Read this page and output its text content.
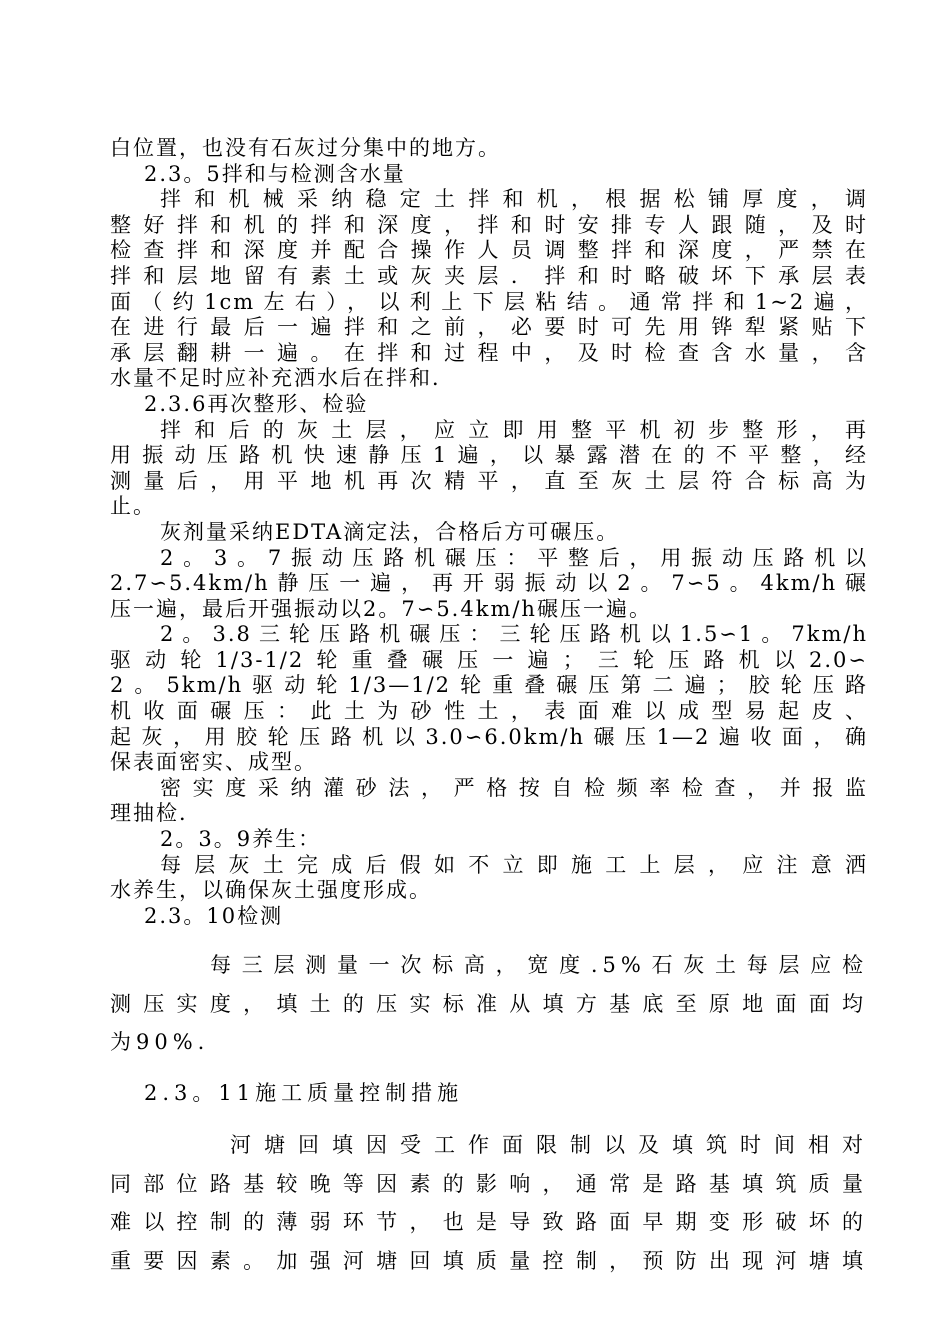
白位置，也没有石灰过分集中的地方。
2.3。5拌和与检测含水量
拌和机械采纳稳定土拌和机，根据松铺厚度，调
整好拌和机的拌和深度，拌和时安排专人跟随，及时
检查拌和深度并配合操作人员调整拌和深度，严禁在
拌和层地留有素土或灰夹层．拌和时略破坏下承层表
面（约1cm左右），以利上下层粘结。通常拌和1~2遍，
在进行最后一遍拌和之前，必要时可先用铧犁紧贴下
承层翻耕一遍。在拌和过程中，及时检查含水量，含
水量不足时应补充洒水后在拌和．
2.3.6再次整形、检验
拌和后的灰土层，应立即用整平机初步整形，再
用振动压路机快速静压1遍，以暴露潜在的不平整，经
测量后，用平地机再次精平，直至灰土层符合标高为
止。
灰剂量采纳EDTA滴定法，合格后方可碾压。
2。3。7振动压路机碾压：平整后，用振动压路机以
2.7∽5.4km/h静压一遍，再开弱振动以2。7∽5。4km/h碾
压一遍，最后开强振动以2。7∽5.4km/h碾压一遍。
2。3.8三轮压路机碾压：三轮压路机以1.5∽1。7km/h
驱动轮1/3-1/2轮重叠碾压一遍；三轮压路机以2.0∽
2。5km/h驱动轮1/3—1/2轮重叠碾压第二遍；胶轮压路
机收面碾压：此土为砂性土，表面难以成型易起皮、
起灰，用胶轮压路机以3.0∽6.0km/h碾压1—2遍收面，确
保表面密实、成型。
密实度采纳灌砂法，严格按自检频率检查，并报监
理抽检．
2。3。9养生：
每层灰土完成后假如不立即施工上层，应注意洒
水养生，以确保灰土强度形成。
2.3。10检测
每三层测量一次标高，宽度.5%石灰土每层应检
测压实度，填土的压实标准从填方基底至原地面面均
为90%.
2.3。11施工质量控制措施
河塘回填因受工作面限制以及填筑时间相对
同部位路基较晚等因素的影响，通常是路基填筑质量
难以控制的薄弱环节，也是导致路面早期变形破坏的
重要因素。加强河塘回填质量控制，预防出现河塘填
